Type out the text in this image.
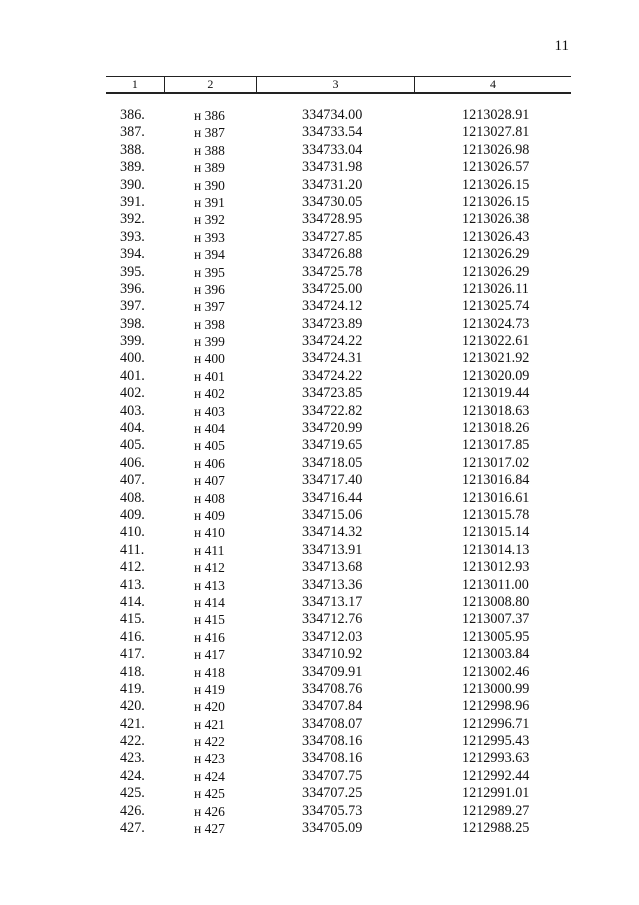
11
1	2	3	4
386.	н 386	334734.00	1213028.91
387.	н 387	334733.54	1213027.81
388.	н 388	334733.04	1213026.98
389.	н 389	334731.98	1213026.57
390.	н 390	334731.20	1213026.15
391.	н 391	334730.05	1213026.15
392.	н 392	334728.95	1213026.38
393.	н 393	334727.85	1213026.43
394.	н 394	334726.88	1213026.29
395.	н 395	334725.78	1213026.29
396.	н 396	334725.00	1213026.11
397.	н 397	334724.12	1213025.74
398.	н 398	334723.89	1213024.73
399.	н 399	334724.22	1213022.61
400.	н 400	334724.31	1213021.92
401.	н 401	334724.22	1213020.09
402.	н 402	334723.85	1213019.44
403.	н 403	334722.82	1213018.63
404.	н 404	334720.99	1213018.26
405.	н 405	334719.65	1213017.85
406.	н 406	334718.05	1213017.02
407.	н 407	334717.40	1213016.84
408.	н 408	334716.44	1213016.61
409.	н 409	334715.06	1213015.78
410.	н 410	334714.32	1213015.14
411.	н 411	334713.91	1213014.13
412.	н 412	334713.68	1213012.93
413.	н 413	334713.36	1213011.00
414.	н 414	334713.17	1213008.80
415.	н 415	334712.76	1213007.37
416.	н 416	334712.03	1213005.95
417.	н 417	334710.92	1213003.84
418.	н 418	334709.91	1213002.46
419.	н 419	334708.76	1213000.99
420.	н 420	334707.84	1212998.96
421.	н 421	334708.07	1212996.71
422.	н 422	334708.16	1212995.43
423.	н 423	334708.16	1212993.63
424.	н 424	334707.75	1212992.44
425.	н 425	334707.25	1212991.01
426.	н 426	334705.73	1212989.27
427.	н 427	334705.09	1212988.25
